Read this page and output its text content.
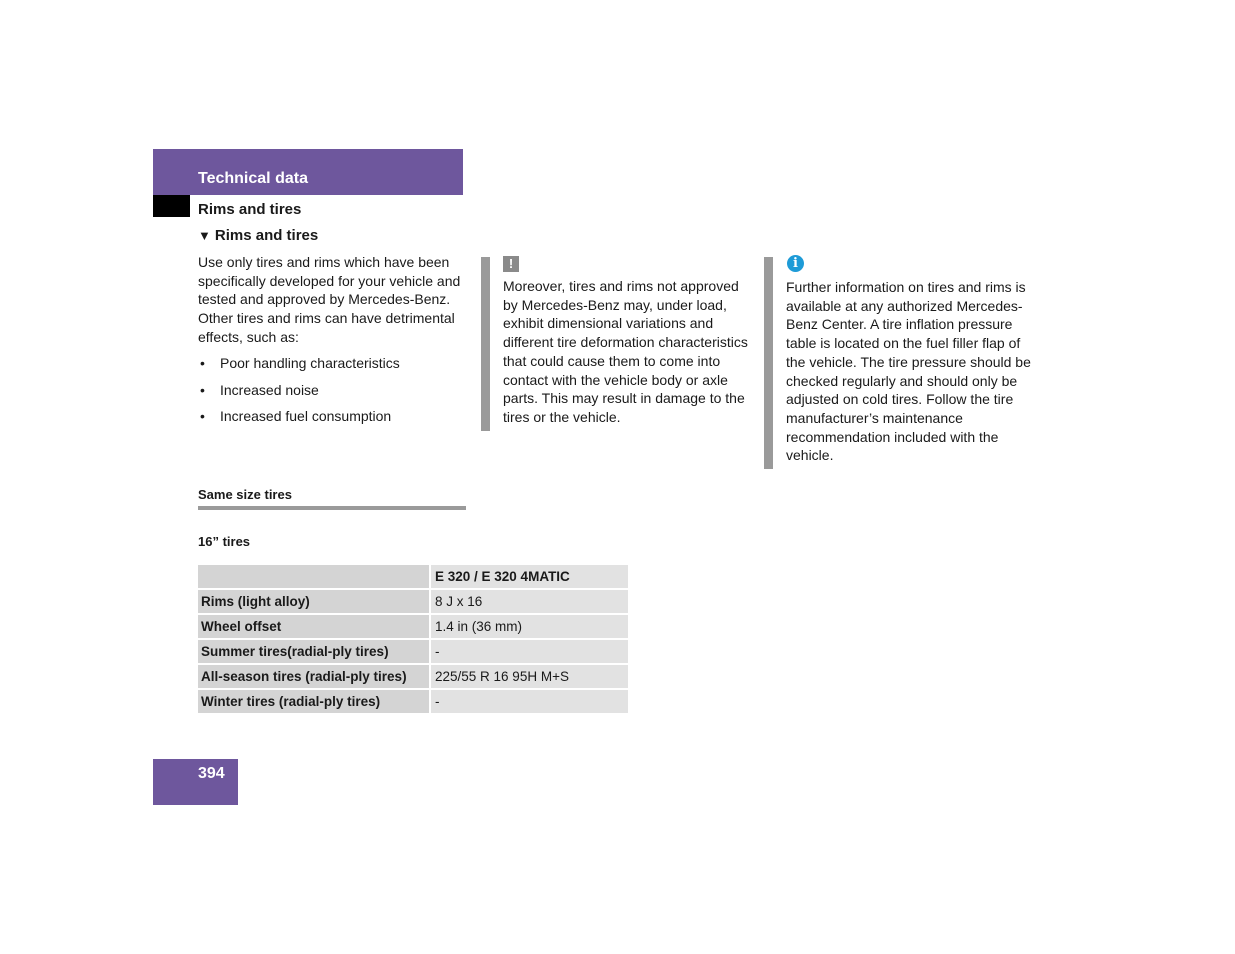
Technical data
Rims and tires
▼ Rims and tires
Use only tires and rims which have been specifically developed for your vehicle and tested and approved by Mercedes-Benz. Other tires and rims can have detrimental effects, such as:
• Poor handling characteristics
• Increased noise
• Increased fuel consumption
!
Moreover, tires and rims not approved by Mercedes-Benz may, under load, exhibit dimensional variations and different tire deformation characteristics that could cause them to come into contact with the vehicle body or axle parts. This may result in damage to the tires or the vehicle.
i
Further information on tires and rims is available at any authorized Mercedes-Benz Center. A tire inflation pressure table is located on the fuel filler flap of the vehicle. The tire pressure should be checked regularly and should only be adjusted on cold tires. Follow the tire manufacturer’s maintenance recommendation included with the vehicle.
Same size tires
16” tires
	E 320 / E 320 4MATIC
Rims (light alloy)	8 J x 16
Wheel offset	1.4 in (36 mm)
Summer tires(radial-ply tires)	-
All-season tires (radial-ply tires)	225/55 R 16 95H M+S
Winter tires (radial-ply tires)	-
394
